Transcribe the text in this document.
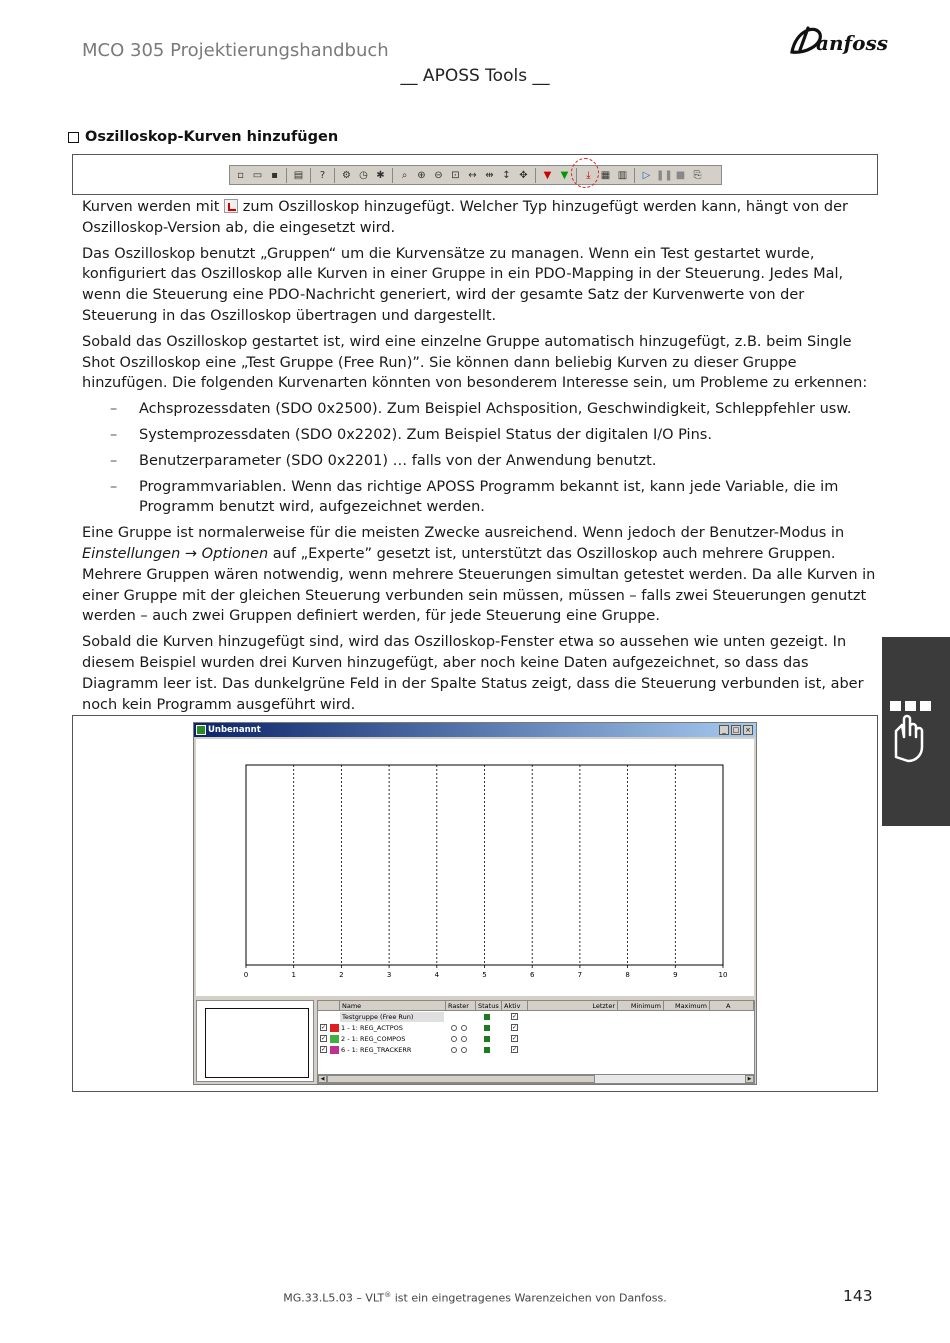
MCO 305 Projektierungshandbuch
__ APOSS Tools __
anfoss
Oszilloskop-Kurven hinzufügen
▫ ▭ ▪	▤	?	⚙ ◷ ✱	⌕	⊕ ⊖ ⊡ ↔ ⇹ ↕ ✥	▼ ▼	⤓	▦ ▥	▷ ❚❚ ■ ⎘

Kurven werden mit  zum Oszilloskop hinzugefügt. Welcher Typ hinzugefügt werden kann, hängt von der Oszilloskop-Version ab, die eingesetzt wird.

Das Oszilloskop benutzt „Gruppen“ um die Kurvensätze zu managen. Wenn ein Test gestartet wurde, konfiguriert das Oszilloskop alle Kurven in einer Gruppe in ein PDO-Mapping in der Steuerung. Jedes Mal, wenn die Steuerung eine PDO-Nachricht generiert, wird der gesamte Satz der Kurvenwerte von der Steuerung in das Oszilloskop übertragen und dargestellt.

Sobald das Oszilloskop gestartet ist, wird eine einzelne Gruppe automatisch hinzugefügt, z.B. beim Single Shot Oszilloskop eine „Test Gruppe (Free Run)”. Sie können dann beliebig Kurven zu dieser Gruppe hinzufügen. Die folgenden Kurvenarten könnten von besonderem Interesse sein, um Probleme zu erkennen:

– Achsprozessdaten (SDO 0x2500). Zum Beispiel Achsposition, Geschwindigkeit, Schleppfehler usw.
– Systemprozessdaten (SDO 0x2202). Zum Beispiel Status der digitalen I/O Pins.
– Benutzerparameter (SDO 0x2201) … falls von der Anwendung benutzt.
– Programmvariablen. Wenn das richtige APOSS Programm bekannt ist, kann jede Variable, die im Programm benutzt wird, aufgezeichnet werden.

Eine Gruppe ist normalerweise für die meisten Zwecke ausreichend. Wenn jedoch der Benutzer-Modus in Einstellungen → Optionen auf „Experte” gesetzt ist, unterstützt das Oszilloskop auch mehrere Gruppen. Mehrere Gruppen wären notwendig, wenn mehrere Steuerungen simultan getestet werden. Da alle Kurven in einer Gruppe mit der gleichen Steuerung verbunden sein müssen, müssen – falls zwei Steuerungen genutzt werden – auch zwei Gruppen definiert werden, für jede Steuerung eine Gruppe.

Sobald die Kurven hinzugefügt sind, wird das Oszilloskop-Fenster etwa so aussehen wie unten gezeigt. In diesem Beispiel wurden drei Kurven hinzugefügt, aber noch keine Daten aufgezeichnet, so dass das Diagramm leer ist. Das dunkelgrüne Feld in der Spalte Status zeigt, dass die Steuerung verbunden ist, aber noch kein Programm ausgeführt wird.

Unbenannt	_ □ ×
0	1	2	3	4	5	6	7	8	9	10
Name	Raster	Status Aktiv	Letzter	Minimum	Maximum	A
Testgruppe (Free Run)	✓
✓ 1 - 1: REG_ACTPOS	✓
✓ 2 - 1: REG_COMPOS	✓
✓ 6 - 1: REG_TRACKERR	✓
◀	▶
MG.33.L5.03 – VLT® ist ein eingetragenes Warenzeichen von Danfoss.	143
